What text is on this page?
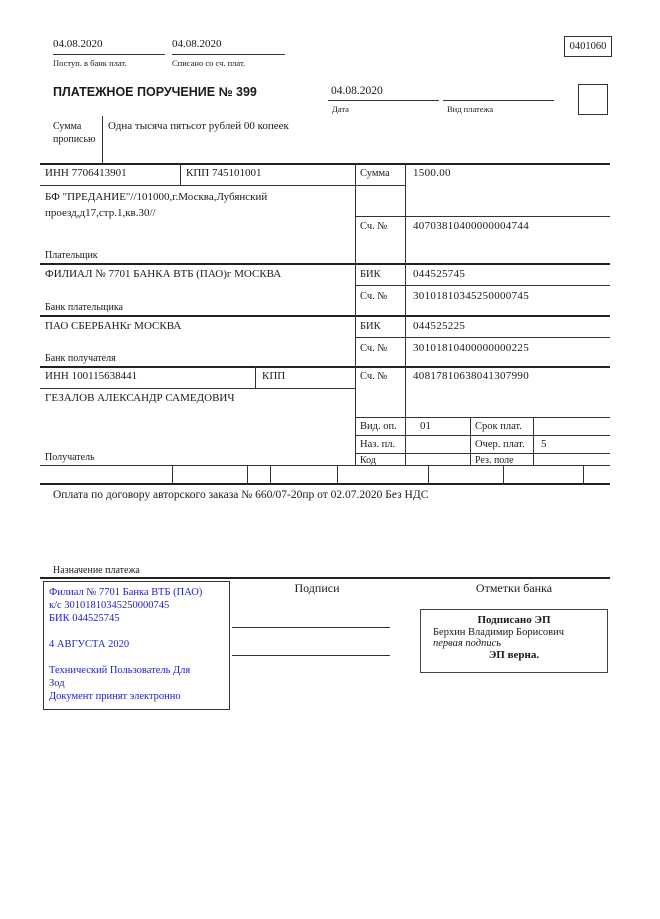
04.08.2020
Поступ. в банк плат.
04.08.2020
Списано со сч. плат.
0401060
ПЛАТЕЖНОЕ ПОРУЧЕНИЕ № 399	04.08.2020
Дата	Вид платежа
Сумма прописью
Одна тысяча пятьсот рублей 00 копеек
ИНН 7706413901	КПП 745101001	Сумма 1500.00
БФ "ПРЕДАНИЕ"//101000,г.Москва,Лубянский проезд,д17,стр.1,кв.30//
Сч. № 40703810400000004744
Плательщик
ФИЛИАЛ № 7701 БАНКА ВТБ (ПАО)г МОСКВА	БИК	044525745
Сч. № 30101810345250000745
Банк плательщика
ПАО СБЕРБАНКг МОСКВА	БИК	044525225
Сч. № 30101810400000000225
Банк получателя
ИНН 100115638441	КПП	Сч. № 40817810638041307990
ГЕЗАЛОВ АЛЕКСАНДР САМЕДОВИЧ
Вид. оп. 01	Срок плат.
Наз. пл.	Очер. плат. 5
Код	Рез. поле
Получатель
Оплата по договору авторского заказа № 660/07-20пр от 02.07.2020 Без НДС
Назначение платежа
Подписи	Отметки банка
Филиал № 7701 Банка ВТБ (ПАО)
к/с 30101810345250000745
БИК 044525745
4 АВГУСТА 2020
Технический Пользователь Для
Зод
Документ принят электронно
Подписано ЭП
Берхин Владимир Борисович
первая подпись
ЭП верна.
